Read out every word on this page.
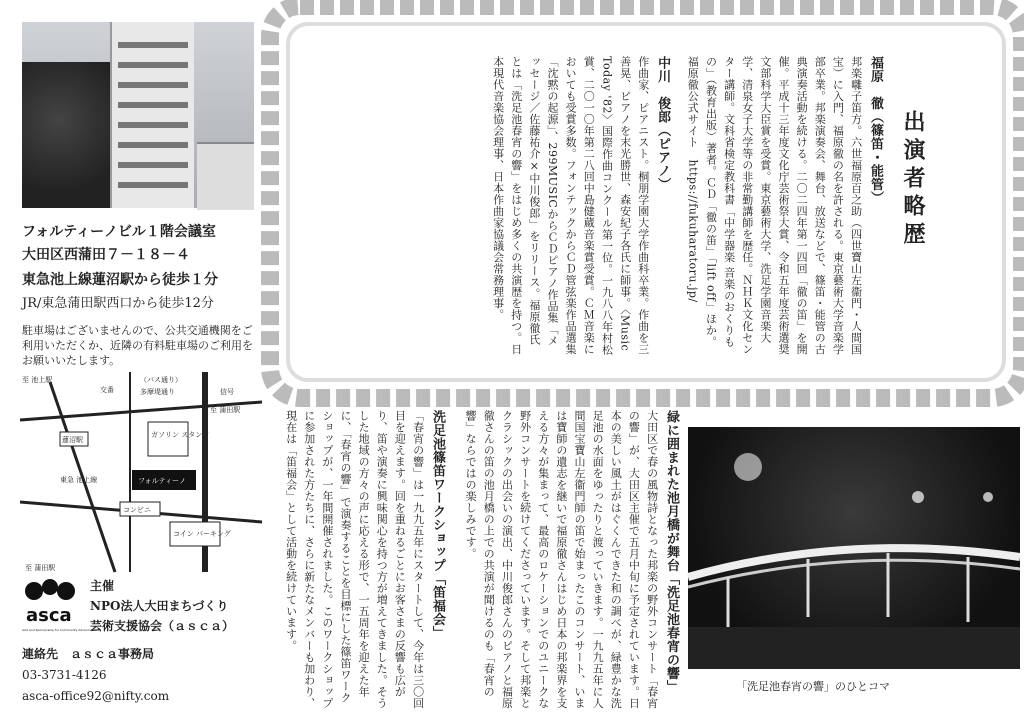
フォルティーノビル１階会議室
大田区西蒲田７－１８－４
東急池上線蓮沼駅から徒歩１分
JR/東急蒲田駅西口から徒歩12分
駐車場はございませんので、公共交通機関をご利用いただくか、近隣の有料駐車場のご利用をお願いいたします。
至 池上駅
至 蒲田駅
至 蒲田駅
交番
（バス通り）
多摩堤通り	信号
蓮沼駅
ガソリン スタンド
フォルティーノ
東急 池上線
コンビニ
コイン パーキング
asca
Arts and Sponsorship for Community Advancement
主催
NPO法人大田まちづくり
芸術支援協会（ａｓｃａ）
連絡先　ａｓｃａ事務局
03-3731-4126
asca-office92@nifty.com
出演者略歴
福原　徹（篠笛・能管）
邦楽囃子笛方。六世福原百之助（四世寶山左衞門・人間国宝）に入門、福原徹の名を許される。東京藝術大学音楽学部卒業。邦楽演奏会、舞台、放送などで、篠笛・能管の古典演奏活動を続ける。二〇二四年第一四回「徹の笛」を開催。平成十三年度文化庁芸術祭大賞、令和五年度芸術選奨文部科学大臣賞を受賞。東京藝術大学、洗足学園音楽大学、清泉女子大学等の非常勤講師を歴任。ＮＨＫ文化センター講師。文科省検定教科書「中学器楽 音楽のおくりもの」（教育出版）著者。ＣＤ「徹の笛」「lift off」ほか。福原徹公式サイト　https://fukuharatoru.jp/
中川　俊郎（ピアノ）
作曲家、ピアニスト。桐朋学園大学作曲科卒業。作曲を三善晃、ピアノを末光勝世、森安紀子各氏に師事。〈Music Today '82〉国際作曲コンクール第一位。一九八八年村松賞、二〇一〇年第二八回中島健蔵音楽賞受賞。ＣＭ音楽においても受賞多数。フォンテックからＣＤ管弦楽作品選集「沈黙の起源」、299MUSICからＣＤピアノ作品集「メッセージ／佐藤祐介×中川俊郎」をリリース。福原徹氏とは「洗足池春宵の響」をはじめ多くの共演歴を持つ。日本現代音楽協会理事、日本作曲家協議会常務理事。
緑に囲まれた池月橋が舞台「洗足池春宵の響」
大田区で春の風物詩となった邦楽の野外コンサート「春宵の響」が、大田区主催で五月中旬に予定されています。日本の美しい風土がはぐくんできた和の調べが、緑豊かな洗足池の水面をゆったりと渡っていきます。一九九五年に人間国宝寶山左衞門師の笛で始まったこのコンサート、いまは寶師の遺志を継いで福原徹さんはじめ日本の邦楽界を支える方々が集まって、最高のロケーションでのユニークな野外コンサートを続けてくださっています。そして邦楽とクラシックの出会いの演出、中川俊郎さんのピアノと福原徹さんの笛の池月橋の上での共演が聞けるのも「春宵の響」ならではの楽しみです。
洗足池篠笛ワークショップ「笛福会」
「春宵の響」は一九九五年にスタートして、今年は三〇回目を迎えます。回を重ねるごとにお客さまの反響も広がり、笛や演奏に興味関心を持つ方が増えてきました。そうした地域の方々の声に応える形で、一五周年を迎えた年に、「春宵の響」で演奏することを目標にした篠笛ワークショップが、一年間開催されました。このワークショップに参加された方たちに、さらに新たなメンバーも加わり、現在は「笛福会」として活動を続けています。
「洗足池春宵の響」のひとコマ
